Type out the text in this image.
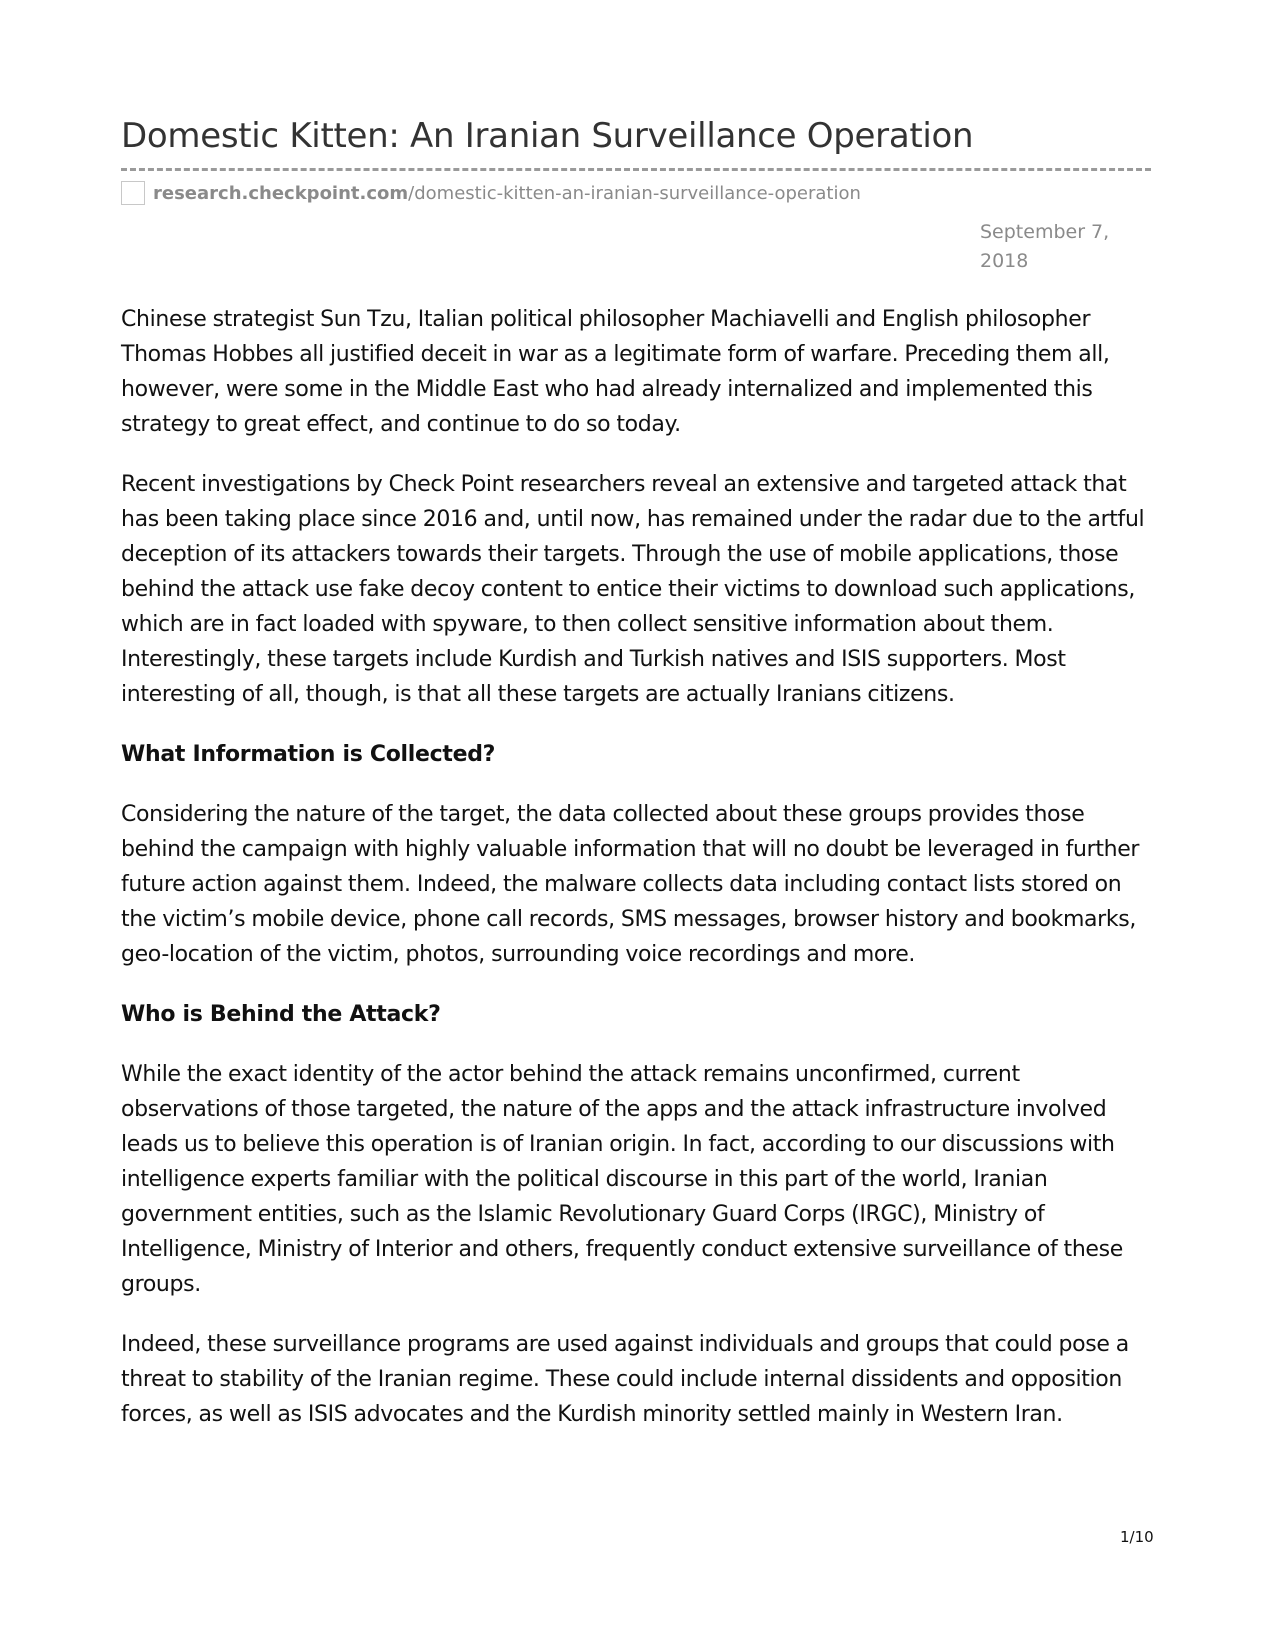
Domestic Kitten: An Iranian Surveillance Operation
research.checkpoint.com /domestic-kitten-an-iranian-surveillance-operation
September 7,
2018

Chinese strategist Sun Tzu, Italian political philosopher Machiavelli and English philosopher Thomas Hobbes all justified deceit in war as a legitimate form of warfare. Preceding them all, however, were some in the Middle East who had already internalized and implemented this strategy to great effect, and continue to do so today.

Recent investigations by Check Point researchers reveal an extensive and targeted attack that has been taking place since 2016 and, until now, has remained under the radar due to the artful deception of its attackers towards their targets. Through the use of mobile applications, those behind the attack use fake decoy content to entice their victims to download such applications, which are in fact loaded with spyware, to then collect sensitive information about them. Interestingly, these targets include Kurdish and Turkish natives and ISIS supporters. Most interesting of all, though, is that all these targets are actually Iranians citizens.

What Information is Collected?

Considering the nature of the target, the data collected about these groups provides those behind the campaign with highly valuable information that will no doubt be leveraged in further future action against them. Indeed, the malware collects data including contact lists stored on the victim’s mobile device, phone call records, SMS messages, browser history and bookmarks, geo-location of the victim, photos, surrounding voice recordings and more.

Who is Behind the Attack?

While the exact identity of the actor behind the attack remains unconfirmed, current observations of those targeted, the nature of the apps and the attack infrastructure involved leads us to believe this operation is of Iranian origin. In fact, according to our discussions with intelligence experts familiar with the political discourse in this part of the world, Iranian government entities, such as the Islamic Revolutionary Guard Corps (IRGC), Ministry of Intelligence, Ministry of Interior and others, frequently conduct extensive surveillance of these groups.

Indeed, these surveillance programs are used against individuals and groups that could pose a threat to stability of the Iranian regime. These could include internal dissidents and opposition forces, as well as ISIS advocates and the Kurdish minority settled mainly in Western Iran.

1/10
